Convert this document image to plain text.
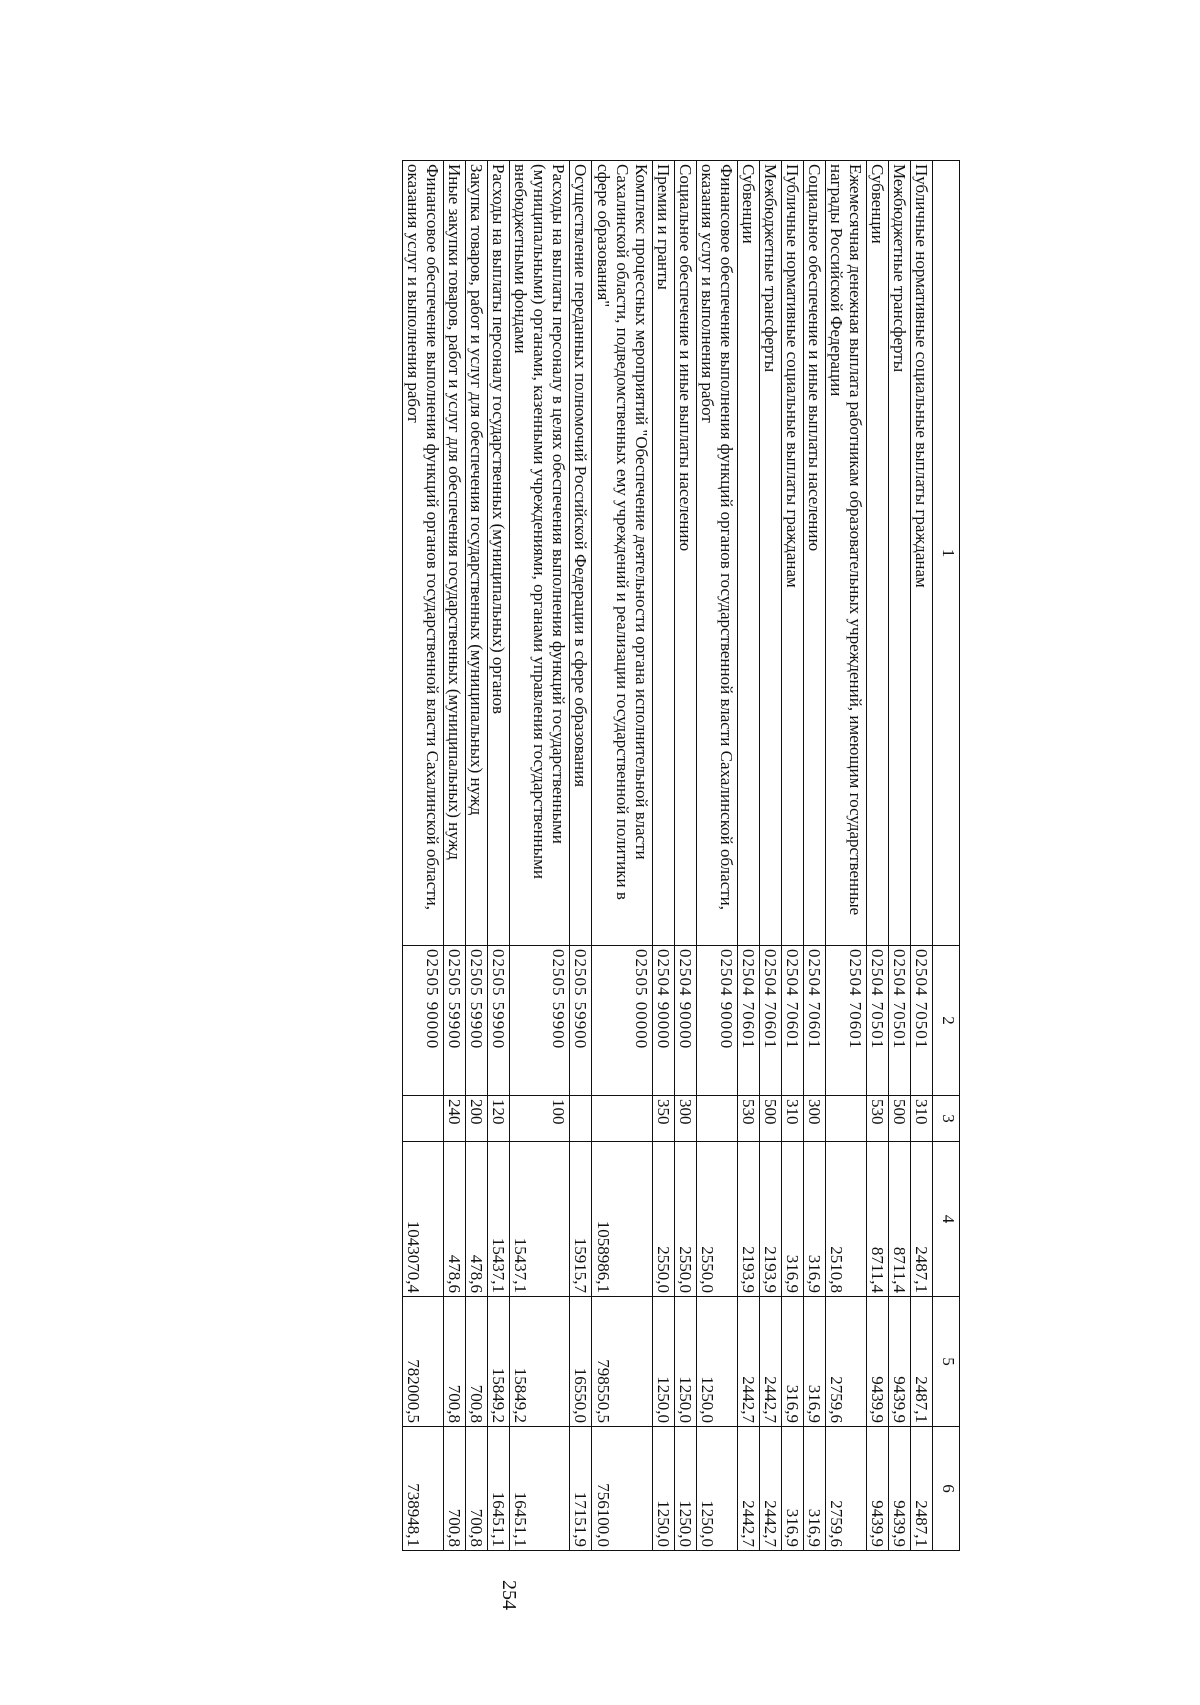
254
1	2	3	4	5	6
Публичные нормативные социальные выплаты гражданам	02504 70501	310	2487,1	2487,1	2487,1
Межбюджетные трансферты	02504 70501	500	8711,4	9439,9	9439,9
Субвенции	02504 70501	530	8711,4	9439,9	9439,9
Ежемесячная денежная выплата работникам образовательных учреждений, имеющим государственные награды Российской Федерации	02504 70601		2510,8	2759,6	2759,6
Социальное обеспечение и иные выплаты населению	02504 70601	300	316,9	316,9	316,9
Публичные нормативные социальные выплаты гражданам	02504 70601	310	316,9	316,9	316,9
Межбюджетные трансферты	02504 70601	500	2193,9	2442,7	2442,7
Субвенции	02504 70601	530	2193,9	2442,7	2442,7
Финансовое обеспечение выполнения функций органов государственной власти Сахалинской области, оказания услуг и выполнения работ	02504 90000		2550,0	1250,0	1250,0
Социальное обеспечение и иные выплаты населению	02504 90000	300	2550,0	1250,0	1250,0
Премии и гранты	02504 90000	350	2550,0	1250,0	1250,0
Комплекс процессных мероприятий "Обеспечение деятельности органа исполнительной власти Сахалинской области, подведомственных ему учреждений и реализации государственной политики в сфере образования"	02505 00000		1058986,1	798550,5	756100,0
Осуществление переданных полномочий Российской Федерации в сфере образования	02505 59900		15915,7	16550,0	17151,9
Расходы на выплаты персоналу в целях обеспечения выполнения функций государственными (муниципальными) органами, казенными учреждениями, органами управления государственными внебюджетными фондами	02505 59900	100	15437,1	15849,2	16451,1
Расходы на выплаты персоналу государственных (муниципальных) органов	02505 59900	120	15437,1	15849,2	16451,1
Закупка товаров, работ и услуг для обеспечения государственных (муниципальных) нужд	02505 59900	200	478,6	700,8	700,8
Иные закупки товаров, работ и услуг для обеспечения государственных (муниципальных) нужд	02505 59900	240	478,6	700,8	700,8
Финансовое обеспечение выполнения функций органов государственной власти Сахалинской области, оказания услуг и выполнения работ	02505 90000		1043070,4	782000,5	738948,1
